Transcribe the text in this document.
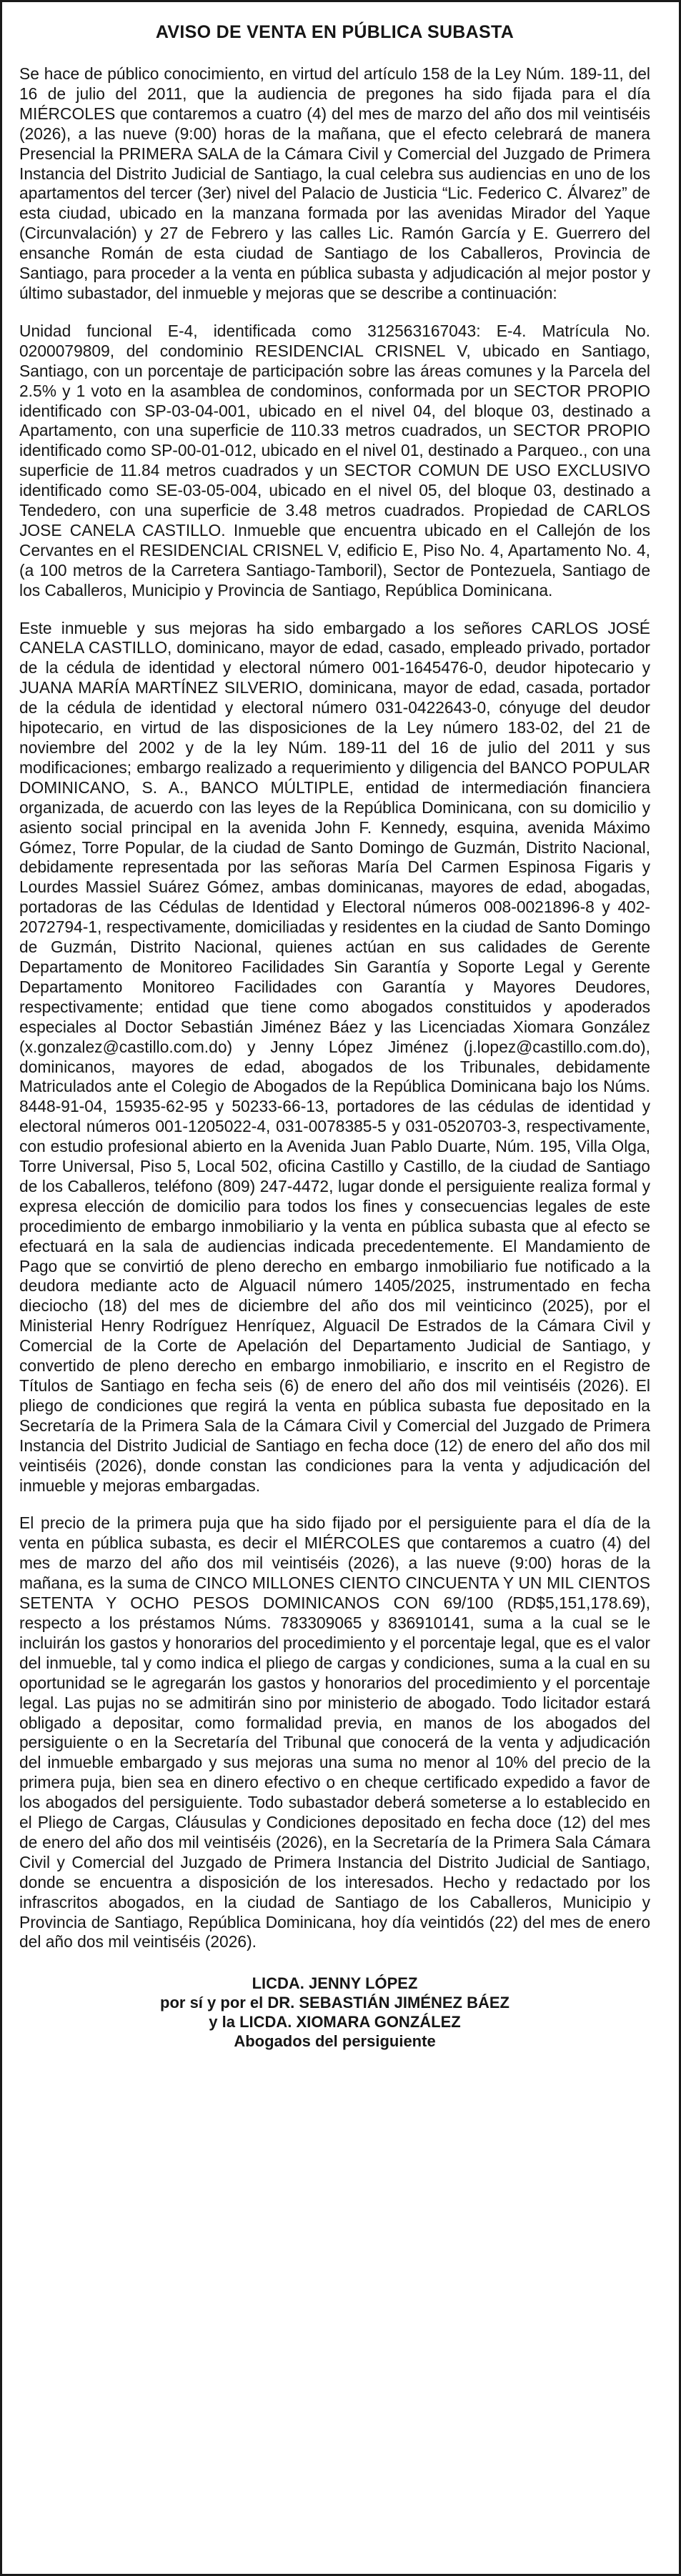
AVISO DE VENTA EN PÚBLICA SUBASTA

Se hace de público conocimiento, en virtud del artículo 158 de la Ley Núm. 189-11, del 16 de julio del 2011, que la audiencia de pregones ha sido fijada para el día MIÉRCOLES que contaremos a cuatro (4) del mes de marzo del año dos mil veintiséis (2026), a las nueve (9:00) horas de la mañana, que el efecto celebrará de manera Presencial la PRIMERA SALA de la Cámara Civil y Comercial del Juzgado de Primera Instancia del Distrito Judicial de Santiago, la cual celebra sus audiencias en uno de los apartamentos del tercer (3er) nivel del Palacio de Justicia “Lic. Federico C. Álvarez” de esta ciudad, ubicado en la manzana formada por las avenidas Mirador del Yaque (Circunvalación) y 27 de Febrero y las calles Lic. Ramón García y E. Guerrero del ensanche Román de esta ciudad de Santiago de los Caballeros, Provincia de Santiago, para proceder a la venta en pública subasta y adjudicación al mejor postor y último subastador, del inmueble y mejoras que se describe a continuación:

Unidad funcional E-4, identificada como 312563167043: E-4. Matrícula No. 0200079809, del condominio RESIDENCIAL CRISNEL V, ubicado en Santiago, Santiago, con un porcentaje de participación sobre las áreas comunes y la Parcela del 2.5% y 1 voto en la asamblea de condominos, conformada por un SECTOR PROPIO identificado con SP-03-04-001, ubicado en el nivel 04, del bloque 03, destinado a Apartamento, con una superficie de 110.33 metros cuadrados, un SECTOR PROPIO identificado como SP-00-01-012, ubicado en el nivel 01, destinado a Parqueo., con una superficie de 11.84 metros cuadrados y un SECTOR COMUN DE USO EXCLUSIVO identificado como SE-03-05-004, ubicado en el nivel 05, del bloque 03, destinado a Tendedero, con una superficie de 3.48 metros cuadrados. Propiedad de CARLOS JOSE CANELA CASTILLO. Inmueble que encuentra ubicado en el Callejón de los Cervantes en el RESIDENCIAL CRISNEL V, edificio E, Piso No. 4, Apartamento No. 4, (a 100 metros de la Carretera Santiago-Tamboril), Sector de Pontezuela, Santiago de los Caballeros, Municipio y Provincia de Santiago, República Dominicana.

Este inmueble y sus mejoras ha sido embargado a los señores CARLOS JOSÉ CANELA CASTILLO, dominicano, mayor de edad, casado, empleado privado, portador de la cédula de identidad y electoral número 001-1645476-0, deudor hipotecario y JUANA MARÍA MARTÍNEZ SILVERIO, dominicana, mayor de edad, casada, portador de la cédula de identidad y electoral número 031-0422643-0, cónyuge del deudor hipotecario, en virtud de las disposiciones de la Ley número 183-02, del 21 de noviembre del 2002 y de la ley Núm. 189-11 del 16 de julio del 2011 y sus modificaciones; embargo realizado a requerimiento y diligencia del BANCO POPULAR DOMINICANO, S. A., BANCO MÚLTIPLE, entidad de intermediación financiera organizada, de acuerdo con las leyes de la República Dominicana, con su domicilio y asiento social principal en la avenida John F. Kennedy, esquina, avenida Máximo Gómez, Torre Popular, de la ciudad de Santo Domingo de Guzmán, Distrito Nacional, debidamente representada por las señoras María Del Carmen Espinosa Figaris y Lourdes Massiel Suárez Gómez, ambas dominicanas, mayores de edad, abogadas, portadoras de las Cédulas de Identidad y Electoral números 008-0021896-8 y 402-2072794-1, respectivamente, domiciliadas y residentes en la ciudad de Santo Domingo de Guzmán, Distrito Nacional, quienes actúan en sus calidades de Gerente Departamento de Monitoreo Facilidades Sin Garantía y Soporte Legal y Gerente Departamento Monitoreo Facilidades con Garantía y Mayores Deudores, respectivamente; entidad que tiene como abogados constituidos y apoderados especiales al Doctor Sebastián Jiménez Báez y las Licenciadas Xiomara González (x.gonzalez@castillo.com.do) y Jenny López Jiménez (j.lopez@castillo.com.do), dominicanos, mayores de edad, abogados de los Tribunales, debidamente Matriculados ante el Colegio de Abogados de la República Dominicana bajo los Núms. 8448-91-04, 15935-62-95 y 50233-66-13, portadores de las cédulas de identidad y electoral números 001-1205022-4, 031-0078385-5 y 031-0520703-3, respectivamente, con estudio profesional abierto en la Avenida Juan Pablo Duarte, Núm. 195, Villa Olga, Torre Universal, Piso 5, Local 502, oficina Castillo y Castillo, de la ciudad de Santiago de los Caballeros, teléfono (809) 247-4472, lugar donde el persiguiente realiza formal y expresa elección de domicilio para todos los fines y consecuencias legales de este procedimiento de embargo inmobiliario y la venta en pública subasta que al efecto se efectuará en la sala de audiencias indicada precedentemente. El Mandamiento de Pago que se convirtió de pleno derecho en embargo inmobiliario fue notificado a la deudora mediante acto de Alguacil número 1405/2025, instrumentado en fecha dieciocho (18) del mes de diciembre del año dos mil veinticinco (2025), por el Ministerial Henry Rodríguez Henríquez, Alguacil De Estrados de la Cámara Civil y Comercial de la Corte de Apelación del Departamento Judicial de Santiago, y convertido de pleno derecho en embargo inmobiliario, e inscrito en el Registro de Títulos de Santiago en fecha seis (6) de enero del año dos mil veintiséis (2026). El pliego de condiciones que regirá la venta en pública subasta fue depositado en la Secretaría de la Primera Sala de la Cámara Civil y Comercial del Juzgado de Primera Instancia del Distrito Judicial de Santiago en fecha doce (12) de enero del año dos mil veintiséis (2026), donde constan las condiciones para la venta y adjudicación del inmueble y mejoras embargadas.

El precio de la primera puja que ha sido fijado por el persiguiente para el día de la venta en pública subasta, es decir el MIÉRCOLES que contaremos a cuatro (4) del mes de marzo del año dos mil veintiséis (2026), a las nueve (9:00) horas de la mañana, es la suma de CINCO MILLONES CIENTO CINCUENTA Y UN MIL CIENTOS SETENTA Y OCHO PESOS DOMINICANOS CON 69/100 (RD$5,151,178.69), respecto a los préstamos Núms. 783309065 y 836910141, suma a la cual se le incluirán los gastos y honorarios del procedimiento y el porcentaje legal, que es el valor del inmueble, tal y como indica el pliego de cargas y condiciones, suma a la cual en su oportunidad se le agregarán los gastos y honorarios del procedimiento y el porcentaje legal. Las pujas no se admitirán sino por ministerio de abogado. Todo licitador estará obligado a depositar, como formalidad previa, en manos de los abogados del persiguiente o en la Secretaría del Tribunal que conocerá de la venta y adjudicación del inmueble embargado y sus mejoras una suma no menor al 10% del precio de la primera puja, bien sea en dinero efectivo o en cheque certificado expedido a favor de los abogados del persiguiente. Todo subastador deberá someterse a lo establecido en el Pliego de Cargas, Cláusulas y Condiciones depositado en fecha doce (12) del mes de enero del año dos mil veintiséis (2026), en la Secretaría de la Primera Sala Cámara Civil y Comercial del Juzgado de Primera Instancia del Distrito Judicial de Santiago, donde se encuentra a disposición de los interesados. Hecho y redactado por los infrascritos abogados, en la ciudad de Santiago de los Caballeros, Municipio y Provincia de Santiago, República Dominicana, hoy día veintidós (22) del mes de enero del año dos mil veintiséis (2026).

LICDA. JENNY LÓPEZ
por sí y por el DR. SEBASTIÁN JIMÉNEZ BÁEZ
y la LICDA. XIOMARA GONZÁLEZ
Abogados del persiguiente
